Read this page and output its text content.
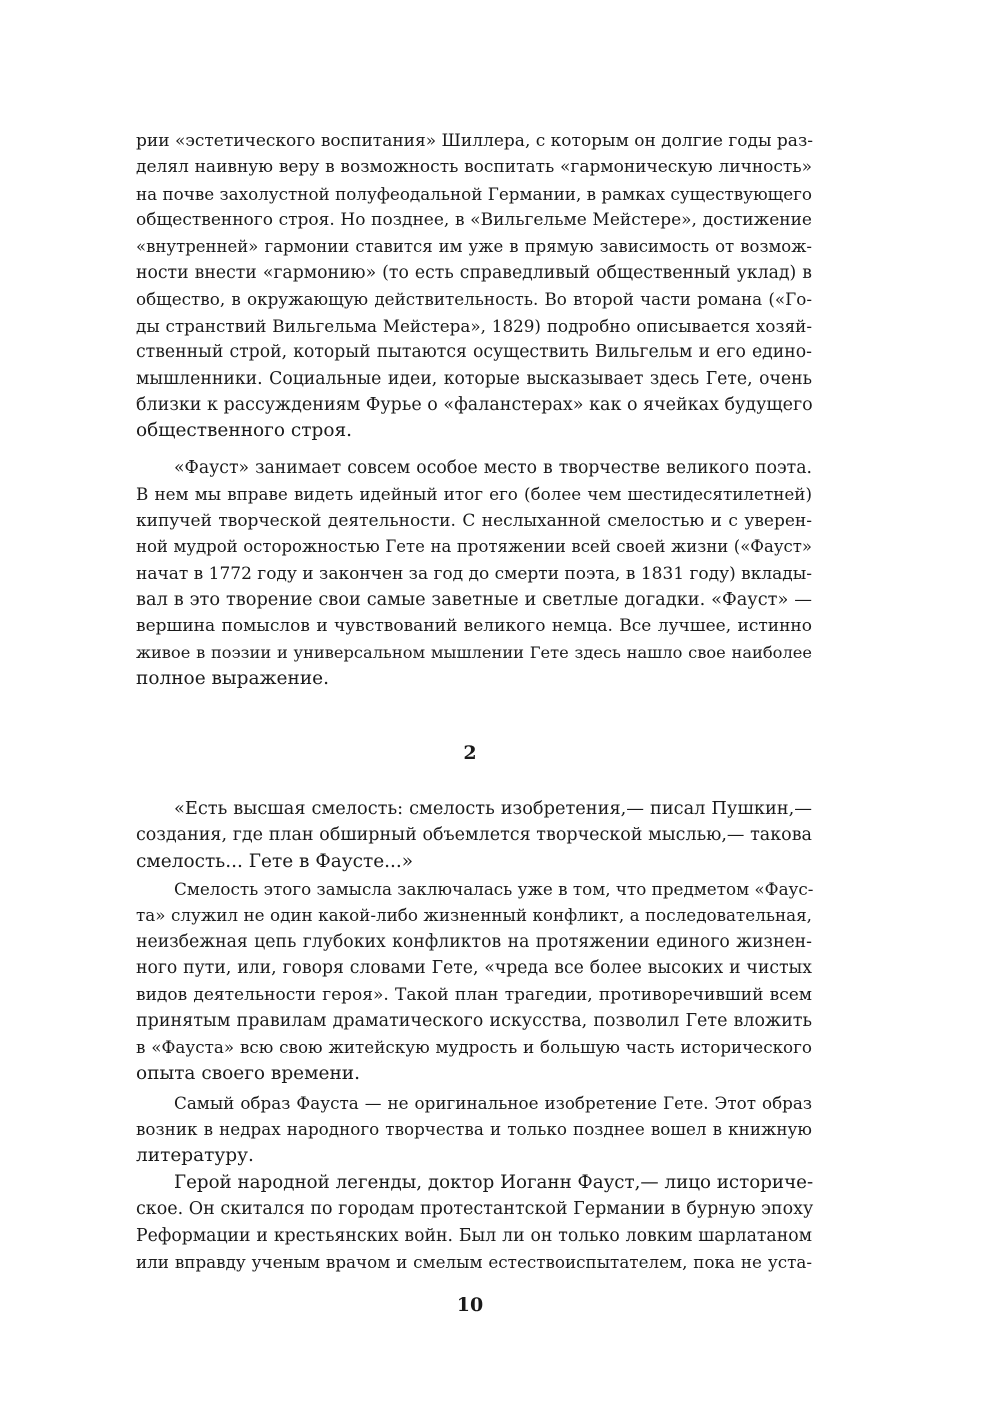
рии «эстетического воспитания» Шиллера, с которым он долгие годы раз-
делял наивную веру в возможность воспитать «гармоническую личность»
на почве захолустной полуфеодальной Германии, в рамках существующего
общественного строя. Но позднее, в «Вильгельме Мейстере», достижение
«внутренней» гармонии ставится им уже в прямую зависимость от возмож-
ности внести «гармонию» (то есть справедливый общественный уклад) в
общество, в окружающую действительность. Во второй части романа («Го-
ды странствий Вильгельма Мейстера», 1829) подробно описывается хозяй-
ственный строй, который пытаются осуществить Вильгельм и его едино-
мышленники. Социальные идеи, которые высказывает здесь Гете, очень
близки к рассуждениям Фурье о «фаланстерах» как о ячейках будущего
общественного строя.
«Фауст» занимает совсем особое место в творчестве великого поэта.
В нем мы вправе видеть идейный итог его (более чем шестидесятилетней)
кипучей творческой деятельности. С неслыханной смелостью и с уверен-
ной мудрой осторожностью Гете на протяжении всей своей жизни («Фауст»
начат в 1772 году и закончен за год до смерти поэта, в 1831 году) вклады-
вал в это творение свои самые заветные и светлые догадки. «Фауст» —
вершина помыслов и чувствований великого немца. Все лучшее, истинно
живое в поэзии и универсальном мышлении Гете здесь нашло свое наиболее
полное выражение.
2
«Есть высшая смелость: смелость изобретения,— писал Пушкин,—
создания, где план обширный объемлется творческой мыслью,— такова
смелость... Гете в Фаусте...»
Смелость этого замысла заключалась уже в том, что предметом «Фаус-
та» служил не один какой-либо жизненный конфликт, а последовательная,
неизбежная цепь глубоких конфликтов на протяжении единого жизнен-
ного пути, или, говоря словами Гете, «чреда все более высоких и чистых
видов деятельности героя». Такой план трагедии, противоречивший всем
принятым правилам драматического искусства, позволил Гете вложить
в «Фауста» всю свою житейскую мудрость и большую часть исторического
опыта своего времени.
Самый образ Фауста — не оригинальное изобретение Гете. Этот образ
возник в недрах народного творчества и только позднее вошел в книжную
литературу.
Герой народной легенды, доктор Иоганн Фауст,— лицо историче-
ское. Он скитался по городам протестантской Германии в бурную эпоху
Реформации и крестьянских войн. Был ли он только ловким шарлатаном
или вправду ученым врачом и смелым естествоиспытателем, пока не уста-
10
